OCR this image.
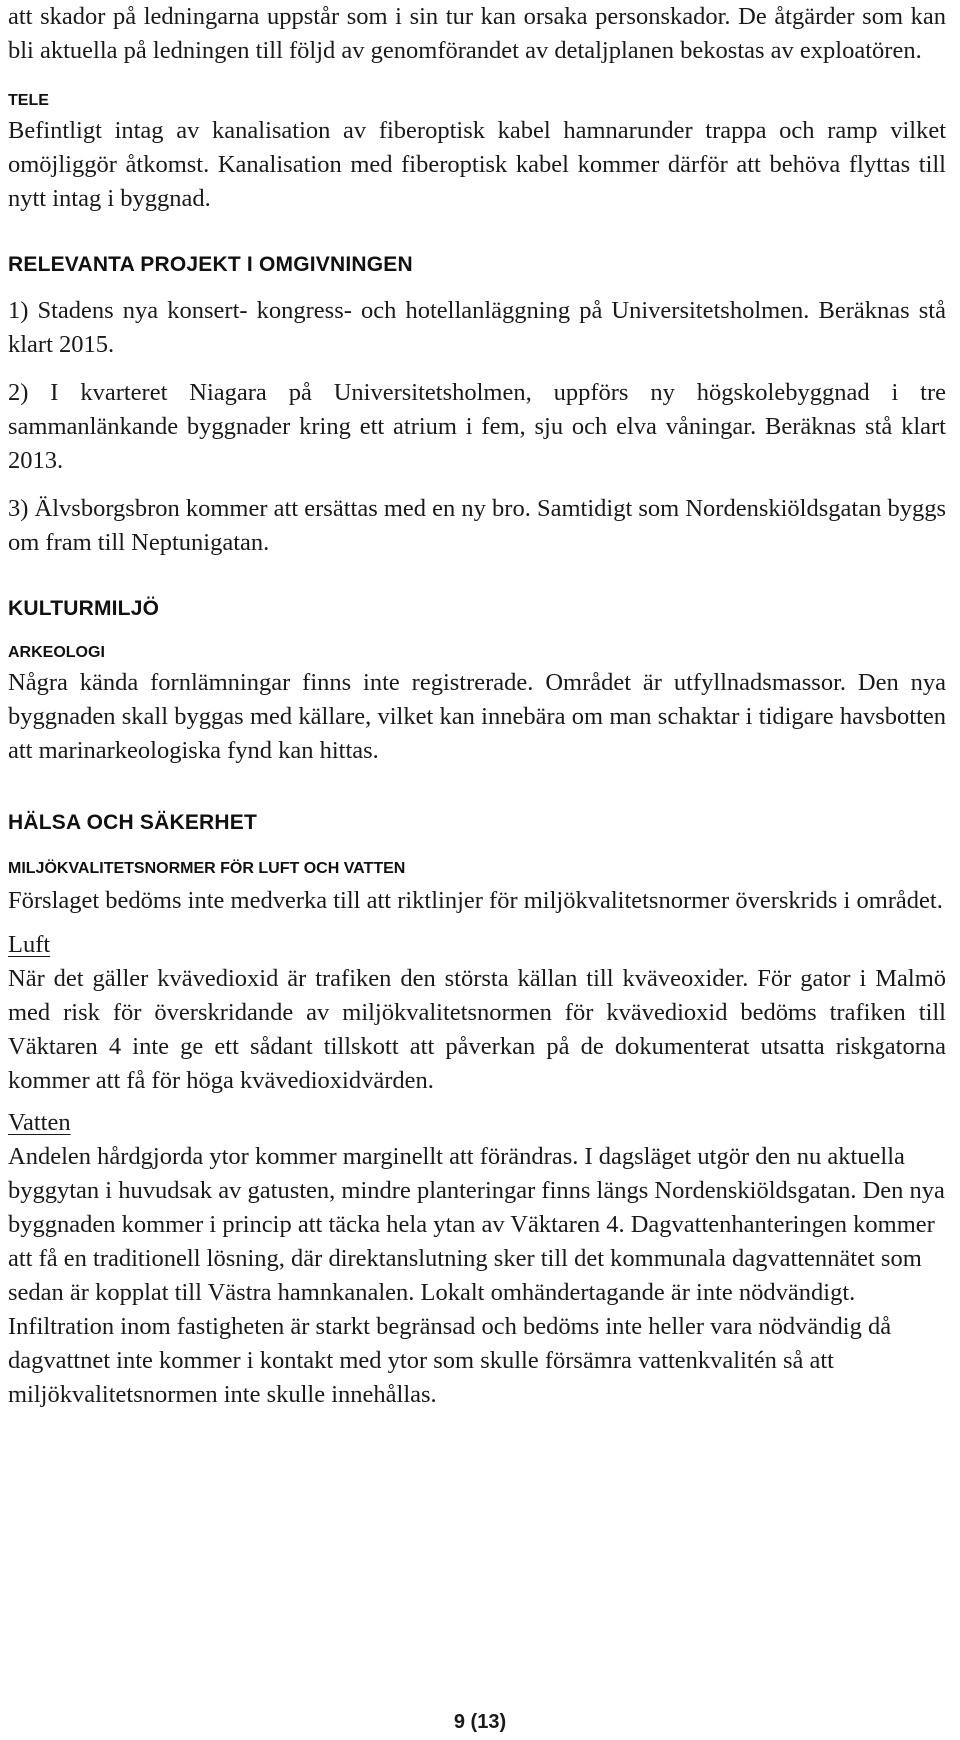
att skador på ledningarna uppstår som i sin tur kan orsaka personskador. De åtgärder som kan bli aktuella på ledningen till följd av genomförandet av detaljplanen bekostas av exploatören.

TELE

Befintligt intag av kanalisation av fiberoptisk kabel hamnarunder trappa och ramp vilket omöjliggör åtkomst. Kanalisation med fiberoptisk kabel kommer därför att behöva flyttas till nytt intag i byggnad.

RELEVANTA PROJEKT I OMGIVNINGEN

1) Stadens nya konsert- kongress- och hotellanläggning på Universitetsholmen. Beräknas stå klart 2015.

2) I kvarteret Niagara på Universitetsholmen, uppförs ny högskolebyggnad i tre sammanlänkande byggnader kring ett atrium i fem, sju och elva våningar. Beräknas stå klart 2013.

3) Älvsborgsbron kommer att ersättas med en ny bro. Samtidigt som Nordenskiöldsgatan byggs om fram till Neptunigatan.

KULTURMILJÖ
ARKEOLOGI

Några kända fornlämningar finns inte registrerade. Området är utfyllnadsmassor. Den nya byggnaden skall byggas med källare, vilket kan innebära om man schaktar i tidigare havsbotten att marinarkeologiska fynd kan hittas.

HÄLSA OCH SÄKERHET
MILJÖKVALITETSNORMER FÖR LUFT OCH VATTEN

Förslaget bedöms inte medverka till att riktlinjer för miljökvalitetsnormer överskrids i området.

Luft

När det gäller kvävedioxid är trafiken den största källan till kväveoxider. För gator i Malmö med risk för överskridande av miljökvalitetsnormen för kvävedioxid bedöms trafiken till Väktaren 4 inte ge ett sådant tillskott att påverkan på de dokumenterat utsatta riskgatorna kommer att få för höga kvävedioxidvärden.

Vatten

Andelen hårdgjorda ytor kommer marginellt att förändras. I dagsläget utgör den nu aktuella byggytan i huvudsak av gatusten, mindre planteringar finns längs Nordenskiöldsgatan. Den nya byggnaden kommer i princip att täcka hela ytan av Väktaren 4. Dagvattenhanteringen kommer att få en traditionell lösning, där direktanslutning sker till det kommunala dagvattennätet som sedan är kopplat till Västra hamnkanalen. Lokalt omhändertagande är inte nödvändigt. Infiltration inom fastigheten är starkt begränsad och bedöms inte heller vara nödvändig då dagvattnet inte kommer i kontakt med ytor som skulle försämra vattenkvalitén så att miljökvalitetsnormen inte skulle innehållas.

9 (13)
